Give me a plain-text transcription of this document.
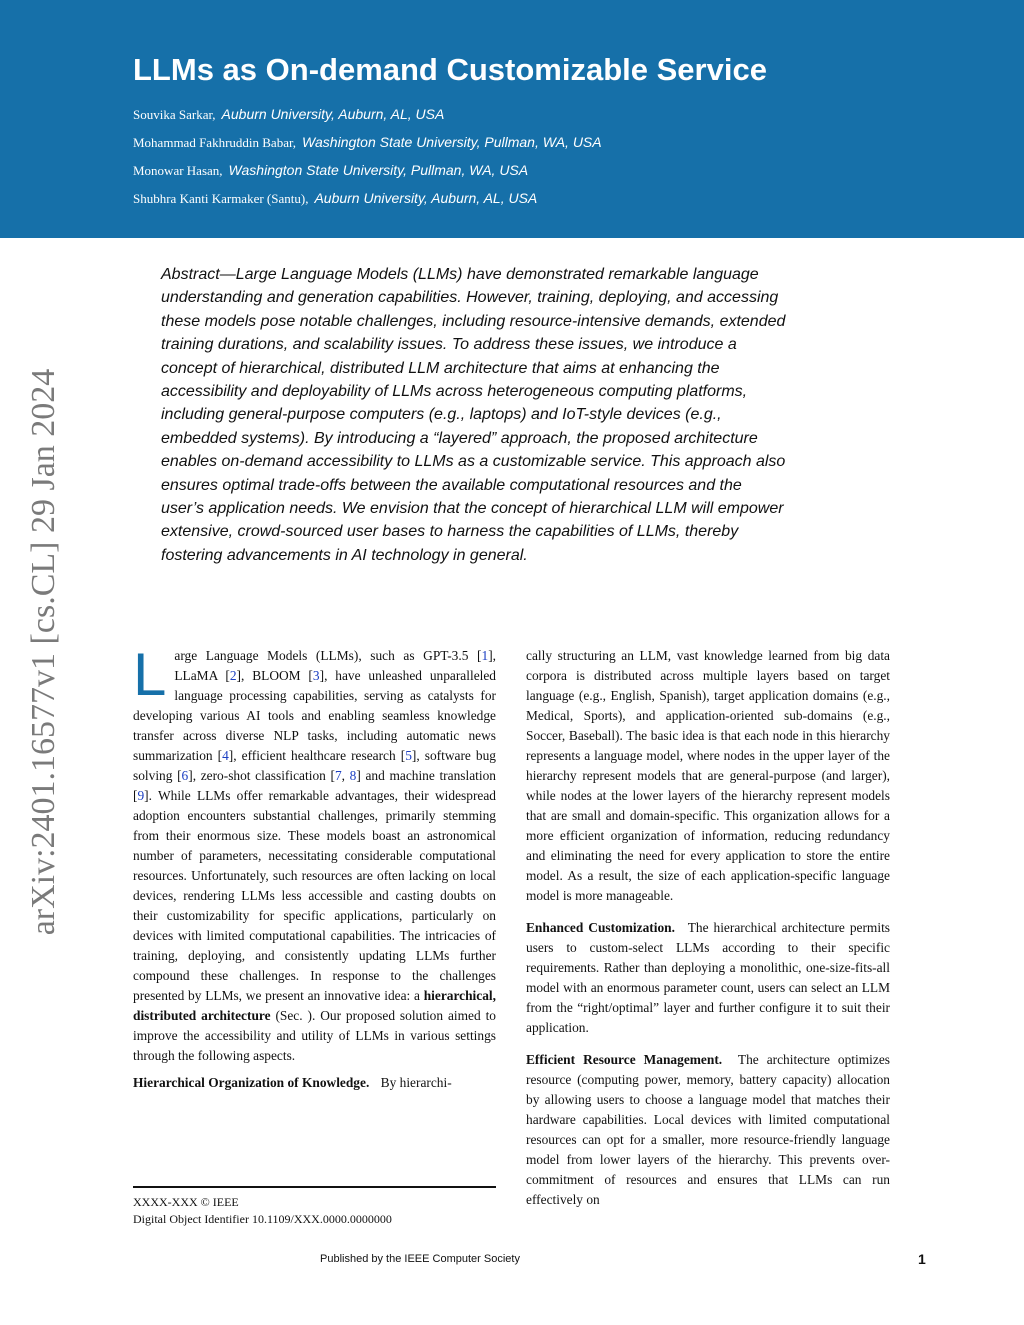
LLMs as On-demand Customizable Service
Souvika Sarkar, Auburn University, Auburn, AL, USA
Mohammad Fakhruddin Babar, Washington State University, Pullman, WA, USA
Monowar Hasan, Washington State University, Pullman, WA, USA
Shubhra Kanti Karmaker (Santu), Auburn University, Auburn, AL, USA
arXiv:2401.16577v1 [cs.CL] 29 Jan 2024

Abstract—Large Language Models (LLMs) have demonstrated remarkable language understanding and generation capabilities. However, training, deploying, and accessing these models pose notable challenges, including resource-intensive demands, extended training durations, and scalability issues. To address these issues, we introduce a concept of hierarchical, distributed LLM architecture that aims at enhancing the accessibility and deployability of LLMs across heterogeneous computing platforms, including general-purpose computers (e.g., laptops) and IoT-style devices (e.g., embedded systems). By introducing a “layered” approach, the proposed architecture enables on-demand accessibility to LLMs as a customizable service. This approach also ensures optimal trade-offs between the available computational resources and the user’s application needs. We envision that the concept of hierarchical LLM will empower extensive, crowd-sourced user bases to harness the capabilities of LLMs, thereby fostering advancements in AI technology in general.

Large Language Models (LLMs), such as GPT-3.5 [1], LLaMA [2], BLOOM [3], have unleashed unparalleled language processing capabilities, serving as catalysts for developing various AI tools and enabling seamless knowledge transfer across diverse NLP tasks, including automatic news summarization [4], efficient healthcare research [5], software bug solving [6], zero-shot classification [7, 8] and machine translation [9]. While LLMs offer remarkable advantages, their widespread adoption encounters substantial challenges, primarily stemming from their enormous size. These models boast an astronomical number of parameters, necessitating considerable computational resources. Unfortunately, such resources are often lacking on local devices, rendering LLMs less accessible and casting doubts on their customizability for specific applications, particularly on devices with limited computational capabilities. The intricacies of training, deploying, and consistently updating LLMs further compound these challenges. In response to the challenges presented by LLMs, we present an innovative idea: a hierarchical, distributed architecture (Sec. ). Our proposed solution aimed to improve the accessibility and utility of LLMs in various settings through the following aspects.

Hierarchical Organization of Knowledge. By hierarchi-

cally structuring an LLM, vast knowledge learned from big data corpora is distributed across multiple layers based on target language (e.g., English, Spanish), target application domains (e.g., Medical, Sports), and application-oriented sub-domains (e.g., Soccer, Baseball). The basic idea is that each node in this hierarchy represents a language model, where nodes in the upper layer of the hierarchy represent models that are general-purpose (and larger), while nodes at the lower layers of the hierarchy represent models that are small and domain-specific. This organization allows for a more efficient organization of information, reducing redundancy and eliminating the need for every application to store the entire model. As a result, the size of each application-specific language model is more manageable.

Enhanced Customization. The hierarchical architecture permits users to custom-select LLMs according to their specific requirements. Rather than deploying a monolithic, one-size-fits-all model with an enormous parameter count, users can select an LLM from the “right/optimal” layer and further configure it to suit their application.

Efficient Resource Management. The architecture optimizes resource (computing power, memory, battery capacity) allocation by allowing users to choose a language model that matches their hardware capabilities. Local devices with limited computational resources can opt for a smaller, more resource-friendly language model from lower layers of the hierarchy. This prevents over-commitment of resources and ensures that LLMs can run effectively on

XXXX-XXX © IEEE
Digital Object Identifier 10.1109/XXX.0000.0000000
Published by the IEEE Computer Society	1
